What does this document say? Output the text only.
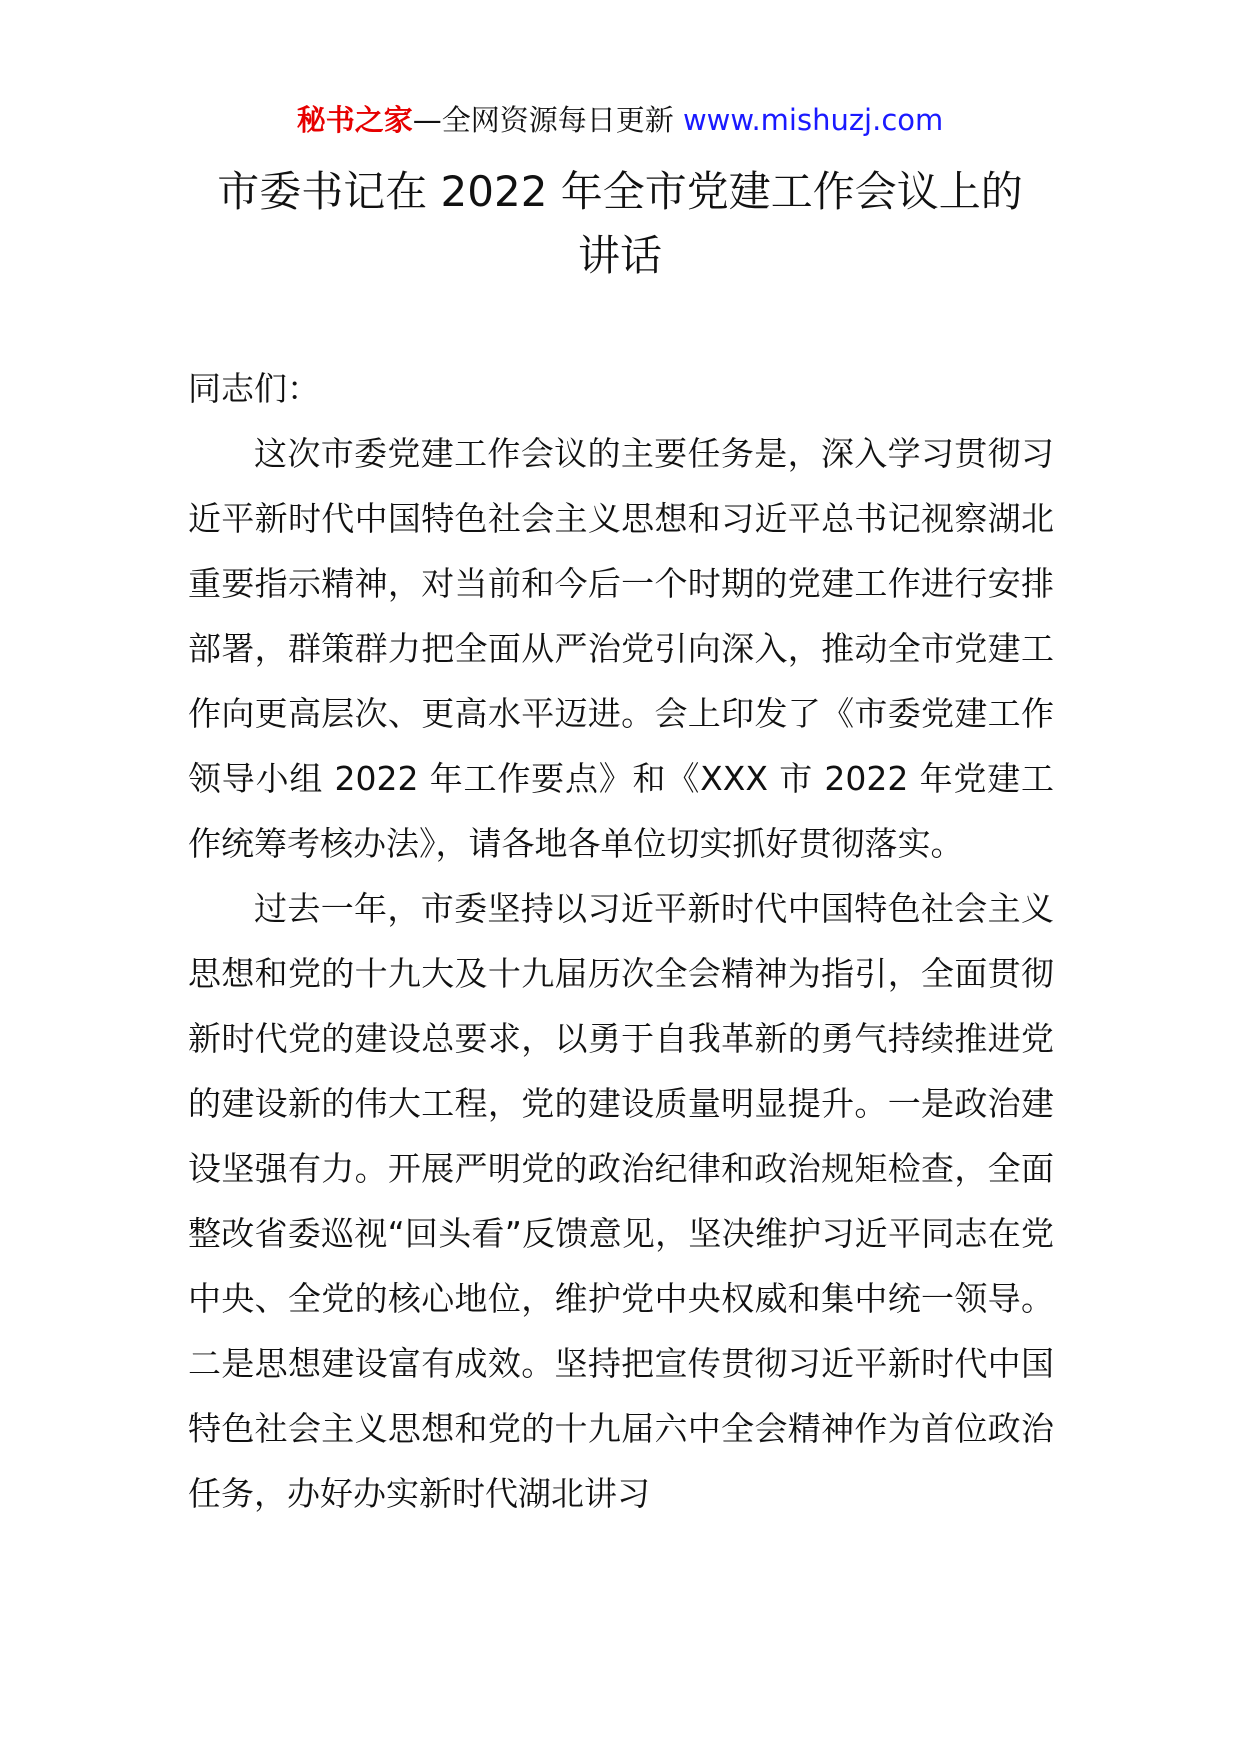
秘书之家—全网资源每日更新 www.mishuzj.com
市委书记在 2022 年全市党建工作会议上的
讲话

同志们：

这次市委党建工作会议的主要任务是，深入学习贯彻习近平新时代中国特色社会主义思想和习近平总书记视察湖北重要指示精神，对当前和今后一个时期的党建工作进行安排部署，群策群力把全面从严治党引向深入，推动全市党建工作向更高层次、更高水平迈进。会上印发了《市委党建工作领导小组 2022 年工作要点》和《XXX 市 2022 年党建工作统筹考核办法》，请各地各单位切实抓好贯彻落实。

过去一年，市委坚持以习近平新时代中国特色社会主义思想和党的十九大及十九届历次全会精神为指引，全面贯彻新时代党的建设总要求，以勇于自我革新的勇气持续推进党的建设新的伟大工程，党的建设质量明显提升。一是政治建设坚强有力。开展严明党的政治纪律和政治规矩检查，全面整改省委巡视“回头看”反馈意见，坚决维护习近平同志在党中央、全党的核心地位，维护党中央权威和集中统一领导。二是思想建设富有成效。坚持把宣传贯彻习近平新时代中国特色社会主义思想和党的十九届六中全会精神作为首位政治任务，办好办实新时代湖北讲习
